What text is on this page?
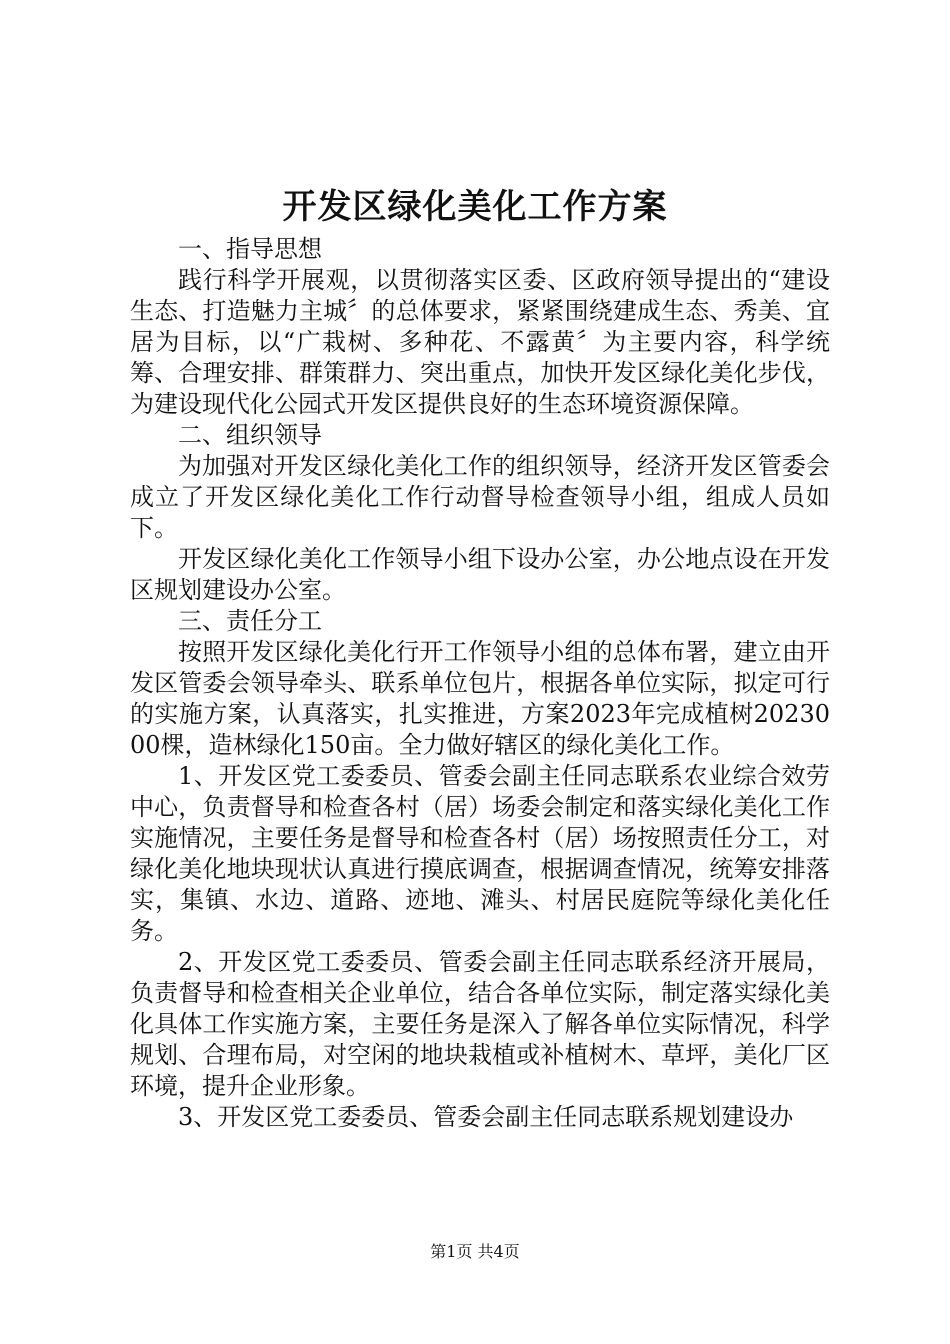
开发区绿化美化工作方案

一、指导思想

践行科学开展观，以贯彻落实区委、区政府领导提出的“建设生态、打造魅力主城〞的总体要求，紧紧围绕建成生态、秀美、宜居为目标，以“广栽树、多种花、不露黄〞为主要内容，科学统筹、合理安排、群策群力、突出重点，加快开发区绿化美化步伐，为建设现代化公园式开发区提供良好的生态环境资源保障。

二、组织领导

为加强对开发区绿化美化工作的组织领导，经济开发区管委会成立了开发区绿化美化工作行动督导检查领导小组，组成人员如下。

开发区绿化美化工作领导小组下设办公室，办公地点设在开发区规划建设办公室。

三、责任分工

按照开发区绿化美化行开工作领导小组的总体布署，建立由开发区管委会领导牵头、联系单位包片，根据各单位实际，拟定可行的实施方案，认真落实，扎实推进，方案2023年完成植树2023000棵，造林绿化150亩。全力做好辖区的绿化美化工作。

1、开发区党工委委员、管委会副主任同志联系农业综合效劳中心，负责督导和检查各村（居）场委会制定和落实绿化美化工作实施情况，主要任务是督导和检查各村（居）场按照责任分工，对绿化美化地块现状认真进行摸底调查，根据调查情况，统筹安排落实，集镇、水边、道路、迹地、滩头、村居民庭院等绿化美化任务。

2、开发区党工委委员、管委会副主任同志联系经济开展局，负责督导和检查相关企业单位，结合各单位实际，制定落实绿化美化具体工作实施方案，主要任务是深入了解各单位实际情况，科学规划、合理布局，对空闲的地块栽植或补植树木、草坪，美化厂区环境，提升企业形象。

3、开发区党工委委员、管委会副主任同志联系规划建设办

第1页 共4页
